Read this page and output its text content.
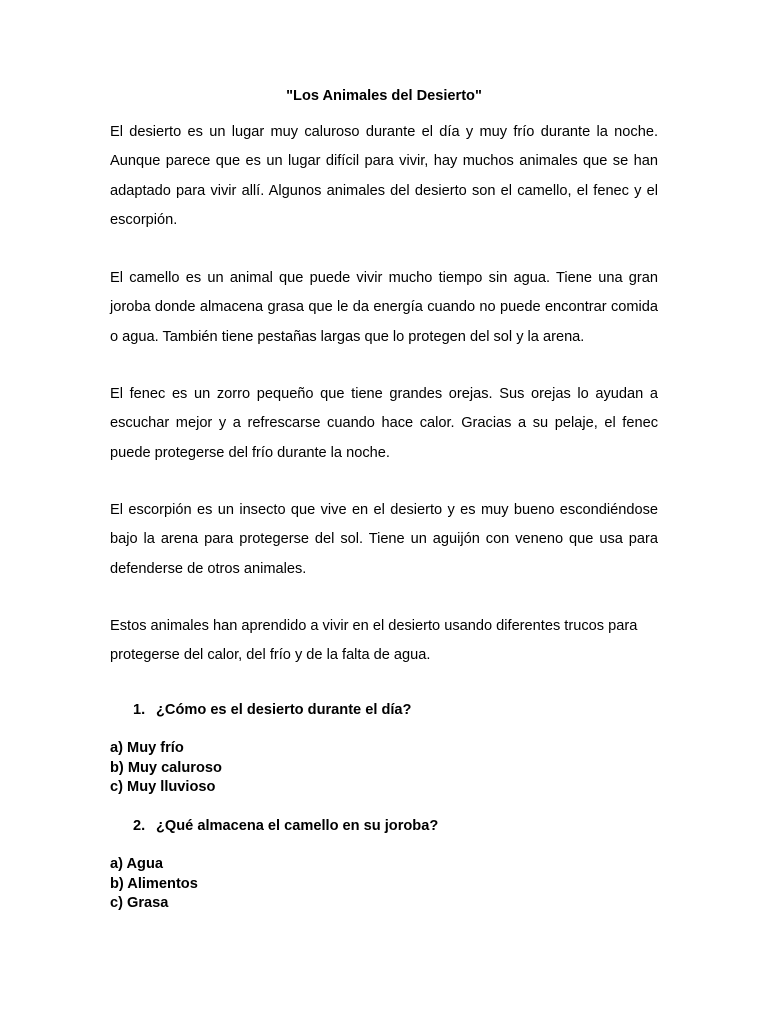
"Los Animales del Desierto"

El desierto es un lugar muy caluroso durante el día y muy frío durante la noche. Aunque parece que es un lugar difícil para vivir, hay muchos animales que se han adaptado para vivir allí. Algunos animales del desierto son el camello, el fenec y el escorpión.

El camello es un animal que puede vivir mucho tiempo sin agua. Tiene una gran joroba donde almacena grasa que le da energía cuando no puede encontrar comida o agua. También tiene pestañas largas que lo protegen del sol y la arena.

El fenec es un zorro pequeño que tiene grandes orejas. Sus orejas lo ayudan a escuchar mejor y a refrescarse cuando hace calor. Gracias a su pelaje, el fenec puede protegerse del frío durante la noche.

El escorpión es un insecto que vive en el desierto y es muy bueno escondiéndose bajo la arena para protegerse del sol. Tiene un aguijón con veneno que usa para defenderse de otros animales.

Estos animales han aprendido a vivir en el desierto usando diferentes trucos para protegerse del calor, del frío y de la falta de agua.

1. ¿Cómo es el desierto durante el día?
a) Muy frío
b) Muy caluroso
c) Muy lluvioso
2. ¿Qué almacena el camello en su joroba?
a) Agua
b) Alimentos
c) Grasa
